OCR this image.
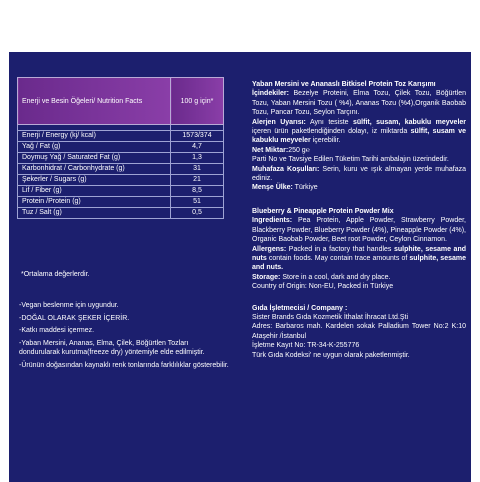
Enerji ve Besin Öğeleri/ Nutrition Facts	100 g için*

Enerji / Energy (kj/ kcal)	1573/374
Yağ / Fat (g)	4,7
Doymuş Yağ / Saturated Fat (g)	1,3
Karbonhidrat / Carbonhydrate (g)	31
Şekerler / Sugars (g)	21
Lif / Fiber (g)	8,5
Protein /Protein (g)	51
Tuz / Salt (g)	0,5
*Ortalama değerlerdir.

-Vegan beslenme için uygundur.

-DOĞAL OLARAK ŞEKER İÇERİR.

-Katkı maddesi içermez.

-Yaban Mersini, Ananas, Elma, Çilek, Böğürtlen Tozları dondurularak kurutma(freeze dry) yöntemiyle elde edilmiştir.

-Ürünün doğasından kaynaklı renk tonlarında farklılıklar gösterebilir.

Yaban Mersini ve Ananaslı Bitkisel Protein Toz Karışımı

İçindekiler: Bezelye Proteini, Elma Tozu, Çilek Tozu, Böğürtlen Tozu, Yaban Mersini Tozu ( %4), Ananas Tozu (%4),Organik Baobab Tozu, Pancar Tozu, Seylon Tarçını.

Alerjen Uyarısı: Aynı tesiste sülfit, susam, kabuklu meyveler içeren ürün paketlendiğinden dolayı, iz miktarda sülfit, susam ve kabuklu meyveler içerebilir.

Net Miktar:250 g℮

Parti No ve Tavsiye Edilen Tüketim Tarihi ambalajın üzerindedir.

Muhafaza Koşulları: Serin, kuru ve ışık almayan yerde muhafaza ediniz.

Menşe Ülke: Türkiye

Blueberry & Pineapple Protein Powder Mix

Ingredients: Pea Protein, Apple Powder, Strawberry Powder, Blackberry Powder, Blueberry Powder (4%), Pineapple Powder (4%), Organic Baobab Powder, Beet root Powder, Ceylon Cinnamon.

Allergens: Packed in a factory that handles sulphite, sesame and nuts contain foods. May contain trace amounts of sulphite, sesame and nuts.

Storage: Store in a cool, dark and dry place.

Country of Origin: Non-EU, Packed in Türkiye

Gıda İşletmecisi / Company :

Sister Brands Gıda Kozmetik İthalat İhracat Ltd.Şti

Adres: Barbaros mah. Kardelen sokak Palladium Tower No:2 K:10 Ataşehir /İstanbul

İşletme Kayıt No: TR-34-K-255776

Türk Gıda Kodeksi' ne uygun olarak paketlenmiştir.
